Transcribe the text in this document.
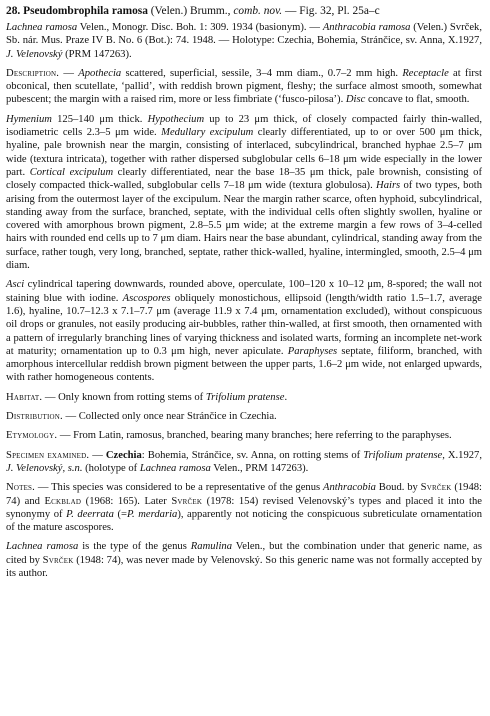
28. Pseudombrophila ramosa (Velen.) Brumm., comb. nov. — Fig. 32, Pl. 25a–c

Lachnea ramosa Velen., Monogr. Disc. Boh. 1: 309. 1934 (basionym). — Anthracobia ramosa (Velen.) Svrček, Sb. nár. Mus. Praze IV B. No. 6 (Bot.): 74. 1948. — Holotype: Czechia, Bohemia, Stránčice, sv. Anna, X.1927, J. Velenovský (PRM 147263).

Description. — Apothecia scattered, superficial, sessile, 3–4 mm diam., 0.7–2 mm high. Receptacle at first obconical, then scutellate, ‘pallid’, with reddish brown pigment, fleshy; the surface almost smooth, somewhat pubescent; the margin with a raised rim, more or less fimbriate (‘fusco-pilosa’). Disc concave to flat, smooth.

Hymenium 125–140 μm thick. Hypothecium up to 23 μm thick, of closely compacted fairly thin-walled, isodiametric cells 2.3–5 μm wide. Medullary excipulum clearly differentiated, up to or over 500 μm thick, hyaline, pale brownish near the margin, consisting of interlaced, subcylindrical, branched hyphae 2.5–7 μm wide (textura intricata), together with rather dispersed subglobular cells 6–18 μm wide especially in the lower part. Cortical excipulum clearly differentiated, near the base 18–35 μm thick, pale brownish, consisting of closely compacted thick-walled, subglobular cells 7–18 μm wide (textura globulosa). Hairs of two types, both arising from the outermost layer of the excipulum. Near the margin rather scarce, often hyphoid, subcylindrical, standing away from the surface, branched, septate, with the individual cells often slightly swollen, hyaline or covered with amorphous brown pigment, 2.8–5.5 μm wide; at the extreme margin a few rows of 3–4-celled hairs with rounded end cells up to 7 μm diam. Hairs near the base abundant, cylindrical, standing away from the surface, rather tough, very long, branched, septate, rather thick-walled, hyaline, intermingled, smooth, 2.5–4 μm diam.

Asci cylindrical tapering downwards, rounded above, operculate, 100–120 x 10–12 μm, 8-spored; the wall not staining blue with iodine. Ascospores obliquely monostichous, ellipsoid (length/width ratio 1.5–1.7, average 1.6), hyaline, 10.7–12.3 x 7.1–7.7 μm (average 11.9 x 7.4 μm, ornamentation excluded), without conspicuous oil drops or granules, not easily producing air-bubbles, rather thin-walled, at first smooth, then ornamented with a pattern of irregularly branching lines of varying thickness and isolated warts, forming an incomplete net-work at maturity; ornamentation up to 0.3 μm high, never apiculate. Paraphyses septate, filiform, branched, with amorphous intercellular reddish brown pigment between the upper parts, 1.6–2 μm wide, not enlarged upwards, with rather homogeneous contents.

Habitat. — Only known from rotting stems of Trifolium pratense.

Distribution. — Collected only once near Stránčice in Czechia.

Etymology. — From Latin, ramosus, branched, bearing many branches; here referring to the paraphyses.

Specimen examined. — Czechia: Bohemia, Stránčice, sv. Anna, on rotting stems of Trifolium pratense, X.1927, J. Velenovský, s.n. (holotype of Lachnea ramosa Velen., PRM 147263).

Notes. — This species was considered to be a representative of the genus Anthracobia Boud. by Svrček (1948: 74) and Eckblad (1968: 165). Later Svrček (1978: 154) revised Velenovský’s types and placed it into the synonymy of P. deerrata (=P. merdaria), apparently not noticing the conspicuous subreticulate ornamentation of the mature ascospores.

Lachnea ramosa is the type of the genus Ramulina Velen., but the combination under that generic name, as cited by Svrček (1948: 74), was never made by Velenovský. So this generic name was not formally accepted by its author.
